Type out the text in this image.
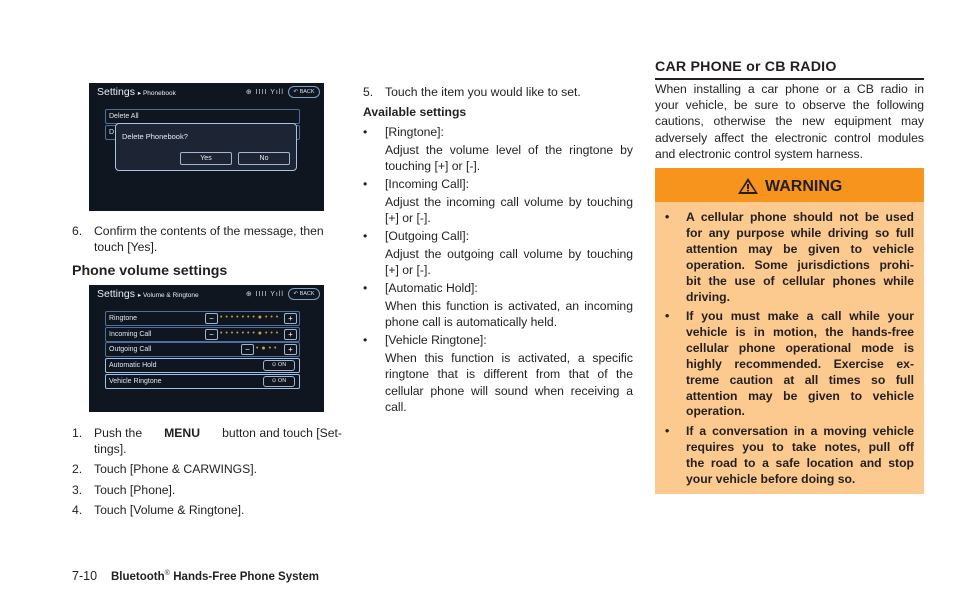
Settings ▸ Phonebook	⊕ IIII Yıll	↶ BACK
Delete All
D	Delete Phonebook?
Yes	No
6. Confirm the contents of the message, then
touch [Yes].
Phone volume settings
Settings ▸ Volume & Ringtone	⊕ IIII Yıll	↶ BACK
Ringtone	− • • • • • • • ● • • •	+
Incoming Call	− • • • • • • • ● • • •	+
Outgoing Call	− • ● • •	+
Automatic Hold	⊙ ON
Vehicle Ringtone	⊙ ON
1. Push the MENU button and touch [Set-
tings].
2. Touch [Phone & CARWINGS].
3. Touch [Phone].
4. Touch [Volume & Ringtone].
5. Touch the item you would like to set.
Available settings
• [Ringtone]:
Adjust the volume level of the ringtone by
touching [+] or [-].
• [Incoming Call]:
Adjust the incoming call volume by touching
[+] or [-].
• [Outgoing Call]:
Adjust the outgoing call volume by touching
[+] or [-].
• [Automatic Hold]:
When this function is activated, an incoming
phone call is automatically held.
• [Vehicle Ringtone]:
When this function is activated, a specific
ringtone that is different from that of the
cellular phone will sound when receiving a
call.
CAR PHONE or CB RADIO
When installing a car phone or a CB radio in
your vehicle, be sure to observe the following
cautions, otherwise the new equipment may
adversely affect the electronic control modules
and electronic control system harness.
WARNING
• A cellular phone should not be used
for any purpose while driving so full
attention may be given to vehicle
operation. Some jurisdictions prohi-
bit the use of cellular phones while
driving.
• If you must make a call while your
vehicle is in motion, the hands-free
cellular phone operational mode is
highly recommended. Exercise ex-
treme caution at all times so full
attention may be given to vehicle
operation.
• If a conversation in a moving vehicle
requires you to take notes, pull off
the road to a safe location and stop
your vehicle before doing so.
7-10 Bluetooth® Hands-Free Phone System
